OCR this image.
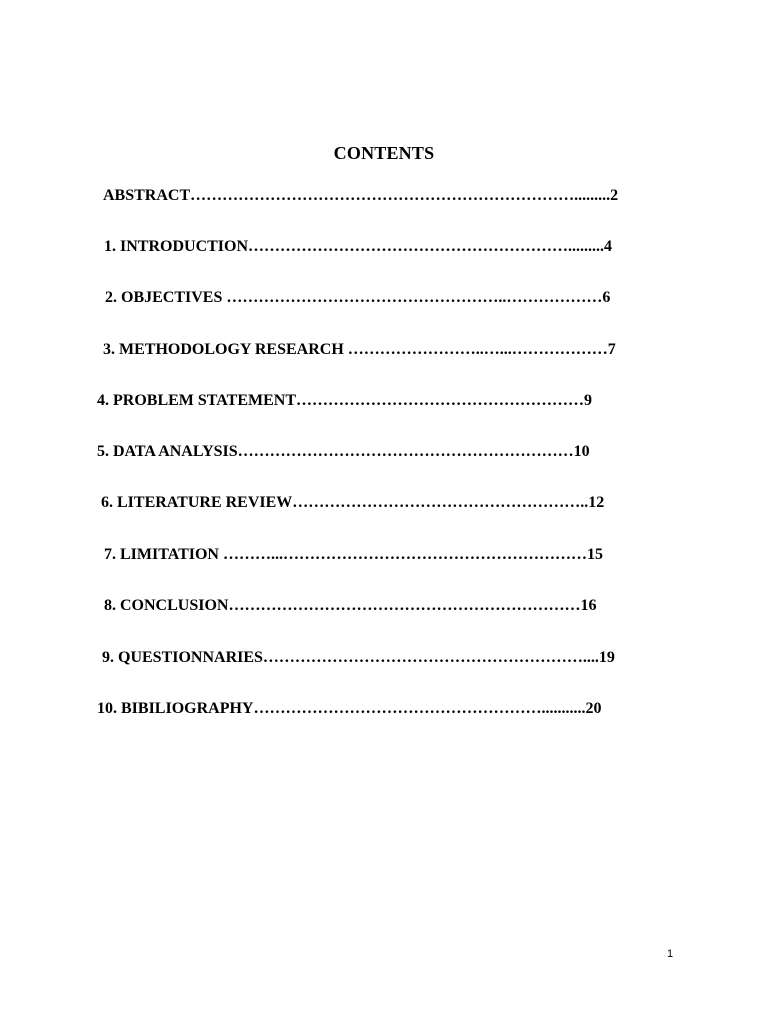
CONTENTS
ABSTRACT……………………………………………………………….........2
1. INTRODUCTION…………………………………………………….........4
2. OBJECTIVES ……………………………………………..………………6
3. METHODOLOGY RESEARCH ……………………..…...………………7
4. PROBLEM STATEMENT………………………………………………9
5. DATA ANALYSIS………………………………………………………10
6. LITERATURE REVIEW………………………………………………..12
7. LIMITATION ………...…………………………………………………15
8. CONCLUSION…………………………………………………………16
9. QUESTIONNARIES……………………………………………………....19
10. BIBILIOGRAPHY………………………………………………...........20
1
